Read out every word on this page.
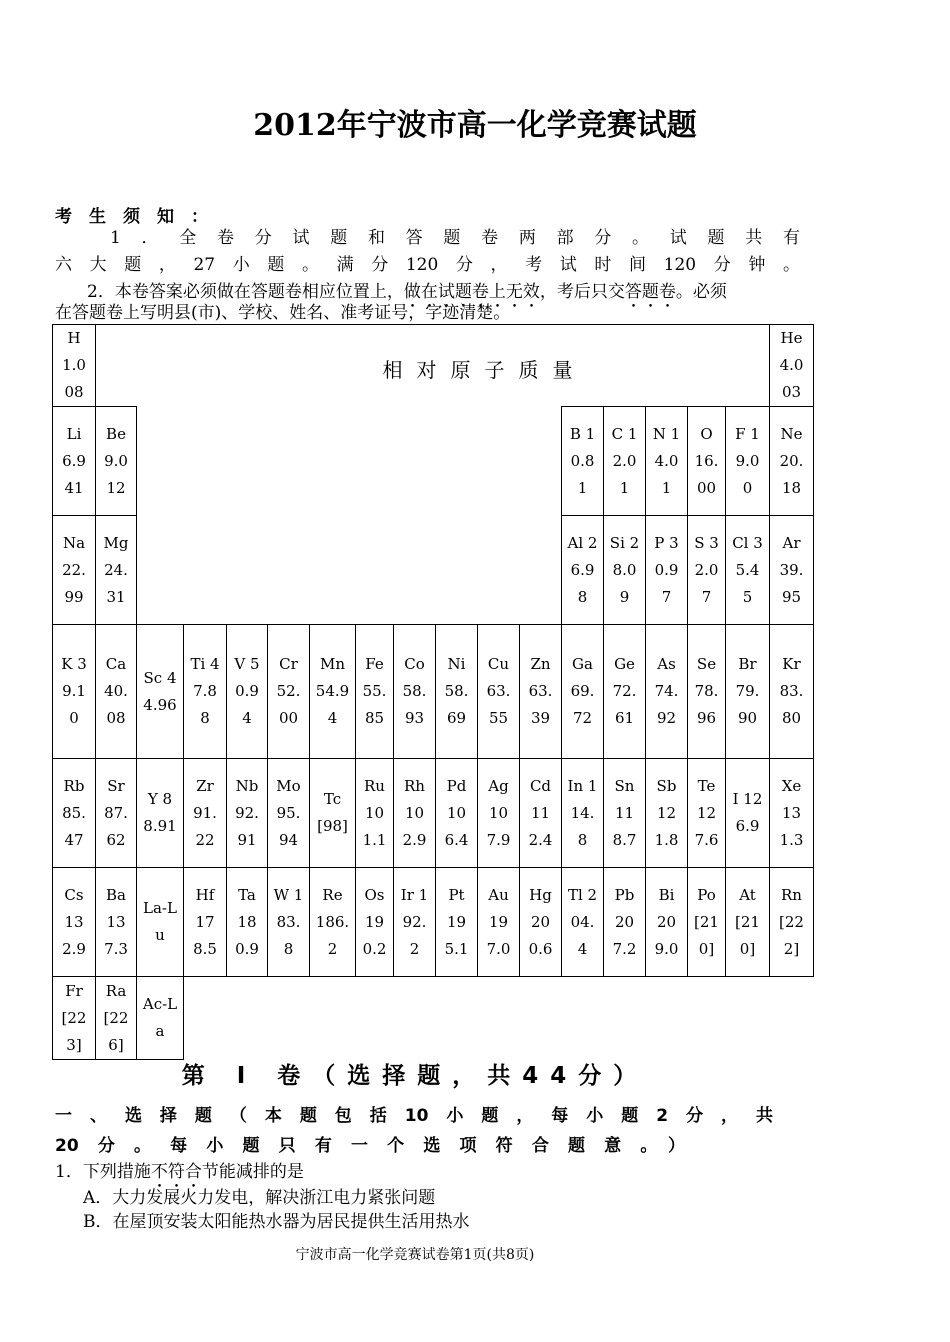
2012年宁波市高一化学竞赛试题
考生须知：
1．全卷分试题和答题卷两部分。试题共有
六大题，27小题。满分120分，考试时间120分钟。
2．本卷答案必须做在答题卷相应位置上，做在试题卷上无效，考后只交答题卷。必须
在答题卷上写明县(市)、学校、姓名、准考证号，字迹清楚。
相对原子质量
H 1.008
He 4.003
Li 6.941
Be 9.012
B 10.81
C 12.01
N 14.01
O 16.00
F 19.00
Ne 20.18
Na 22.99
Mg 24.31
Al 26.98
Si 28.09
P 30.97
S 32.07
Cl 35.45
Ar 39.95
K 39.10
Ca 40.08
Sc 44.96
Ti 47.88
V 50.94
Cr 52.00
Mn 54.94
Fe 55.85
Co 58.93
Ni 58.69
Cu 63.55
Zn 63.39
Ga 69.72
Ge 72.61
As 74.92
Se 78.96
Br 79.90
Kr 83.80
Rb 85.47
Sr 87.62
Y 88.91
Zr 91.22
Nb 92.91
Mo 95.94
Tc [98]
Ru 101.1
Rh 102.9
Pd 106.4
Ag 107.9
Cd 112.4
In 114.8
Sn 118.7
Sb 121.8
Te 127.6
I 126.9
Xe 131.3
Cs 132.9
Ba 137.3
La-Lu
Hf 178.5
Ta 180.9
W 183.8
Re 186.2
Os 190.2
Ir 192.2
Pt 195.1
Au 197.0
Hg 200.6
Tl 204.4
Pb 207.2
Bi 209.0
Po [210]
At [210]
Rn [222]
Fr [223]
Ra [226]
Ac-La
第 I 卷（选择题，共44分）
一、选择题（本题包括10小题，每小题2分，共
20分。每小题只有一个选项符合题意。）
1．下列措施不符合节能减排的是
A．大力发展火力发电，解决浙江电力紧张问题
B．在屋顶安装太阳能热水器为居民提供生活用热水
宁波市高一化学竞赛试卷第1页(共8页)
